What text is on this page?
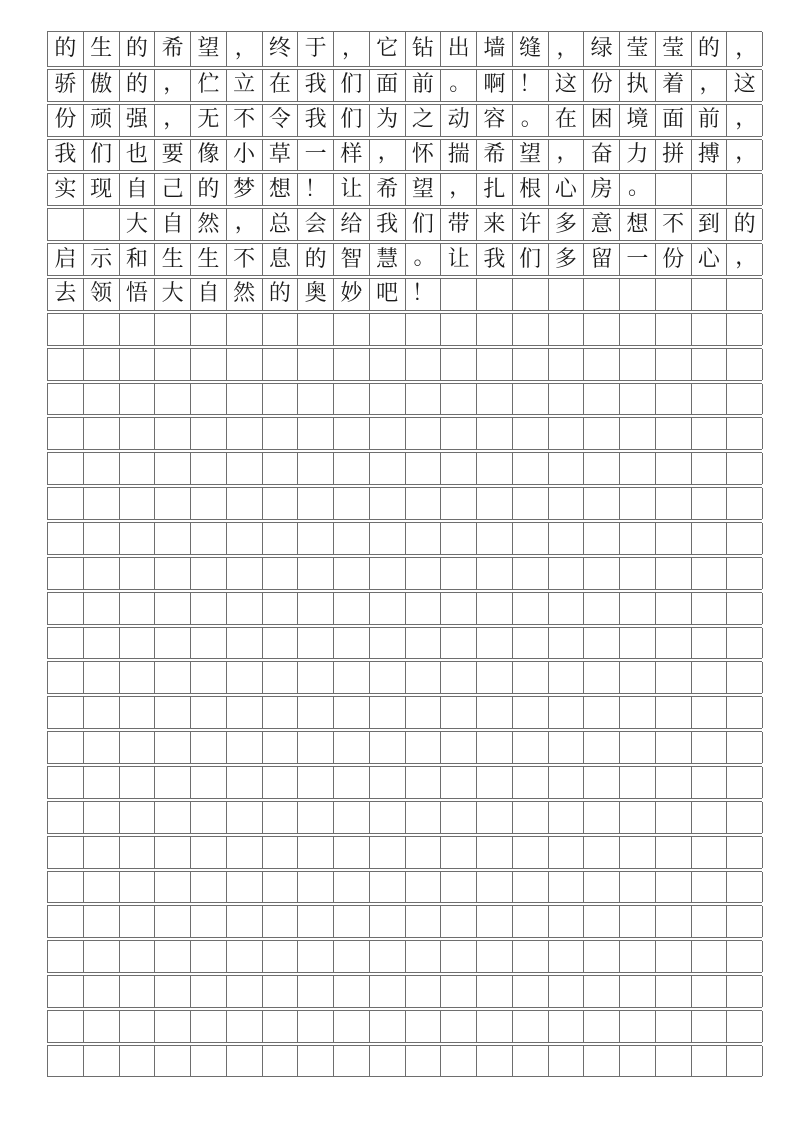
的 生 的 希 望 ， 终 于 ， 它 钻 出 墙 缝 ， 绿 莹 莹 的 ，
骄 傲 的 ， 伫 立 在 我 们 面 前 。 啊 ！ 这 份 执 着 ， 这
份 顽 强 ， 无 不 令 我 们 为 之 动 容 。 在 困 境 面 前 ，
我 们 也 要 像 小 草 一 样 ， 怀 揣 希 望 ， 奋 力 拼 搏 ，
实 现 自 己 的 梦 想 ！ 让 希 望 ， 扎 根 心 房 。
大 自 然 ， 总 会 给 我 们 带 来 许 多 意 想 不 到 的
启 示 和 生 生 不 息 的 智 慧 。 让 我 们 多 留 一 份 心 ，
去 领 悟 大 自 然 的 奥 妙 吧 ！
